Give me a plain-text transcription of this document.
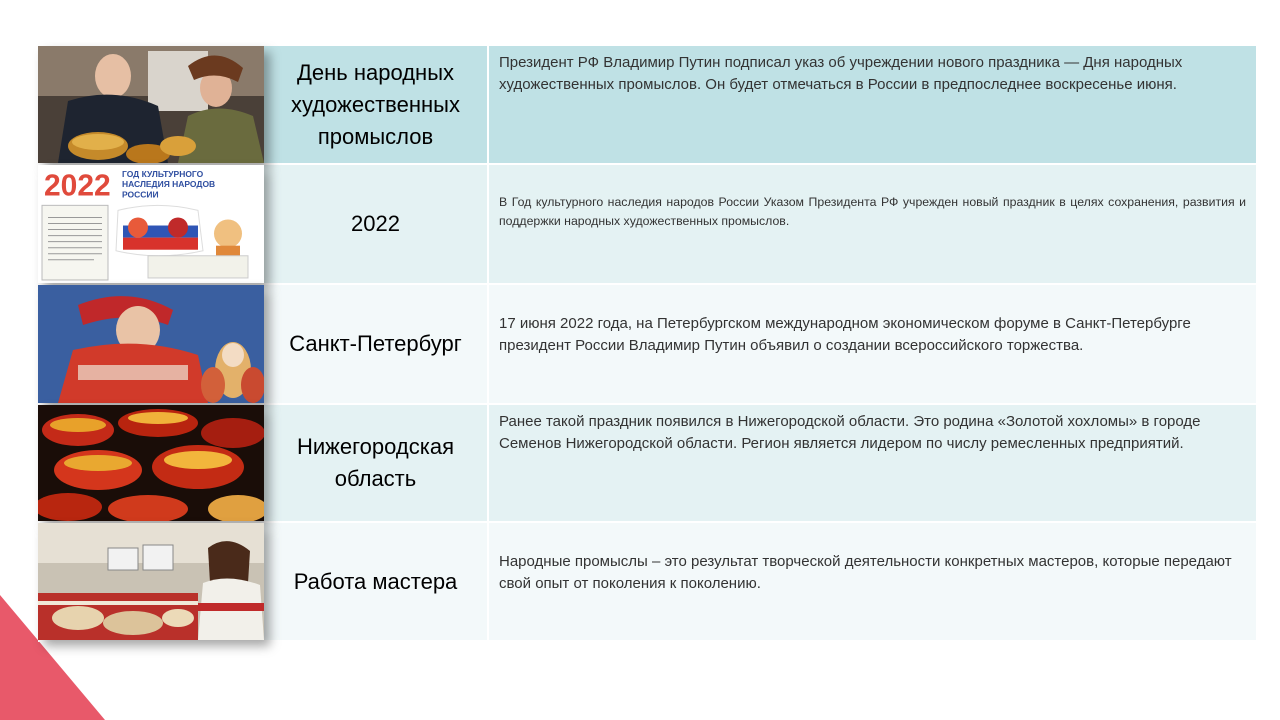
День народных художественных промыслов
Президент РФ Владимир Путин подписал указ об учреждении нового праздника — Дня народных художественных промыслов. Он будет отмечаться в России в предпоследнее воскресенье июня.
2022 ГОД КУЛЬТУРНОГО
НАСЛЕДИЯ НАРОДОВ
РОССИИ
2022
В Год культурного наследия народов России Указом Президента РФ учрежден новый праздник в целях сохранения, развития и поддержки народных художественных промыслов.
Санкт-Петербург
17 июня 2022 года, на Петербургском международном экономическом форуме в Санкт-Петербурге президент России Владимир Путин объявил о создании всероссийского торжества.
Нижегородская область
Ранее такой праздник появился в Нижегородской области. Это родина «Золотой хохломы» в городе Семенов Нижегородской области. Регион является лидером по числу ремесленных предприятий.
Работа мастера
Народные промыслы – это результат творческой деятельности конкретных мастеров, которые передают свой опыт от поколения к поколению.
